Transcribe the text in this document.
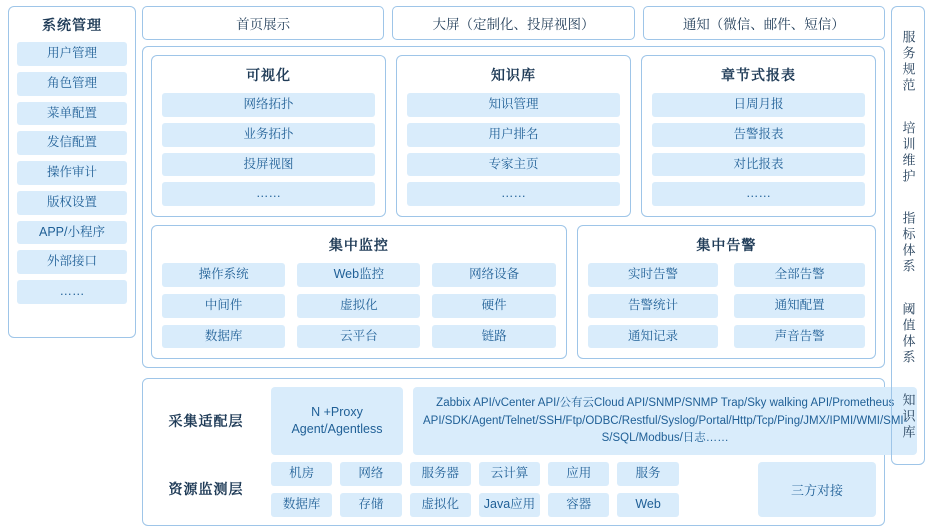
系统管理
用户管理
角色管理
菜单配置
发信配置
操作审计
版权设置
APP/小程序
外部接口
……
首页展示	大屏（定制化、投屏视图）	通知（微信、邮件、短信）
可视化
网络拓扑
业务拓扑
投屏视图
……
知识库
知识管理
用户排名
专家主页
……
章节式报表
日周月报
告警报表
对比报表
……
集中监控
操作系统	Web监控	网络设备
中间件	虚拟化	硬件
数据库	云平台	链路
集中告警
实时告警	全部告警
告警统计	通知配置
通知记录	声音告警
采集适配层
N +Proxy Agent/Agentless
Zabbix API/vCenter API/公有云Cloud API/SNMP/SNMP Trap/Sky walking API/Prometheus API/SDK/Agent/Telnet/SSH/Ftp/ODBC/Restful/Syslog/Portal/Http/Tcp/Ping/JMX/IPMI/WMI/SMI-S/SQL/Modbus/日志……
资源监测层
机房	网络	服务器	云计算	应用	服务
数据库	存储	虚拟化	Java应用	容器	Web
三方对接
服务规范
培训维护
指标体系
阈值体系
知识库
